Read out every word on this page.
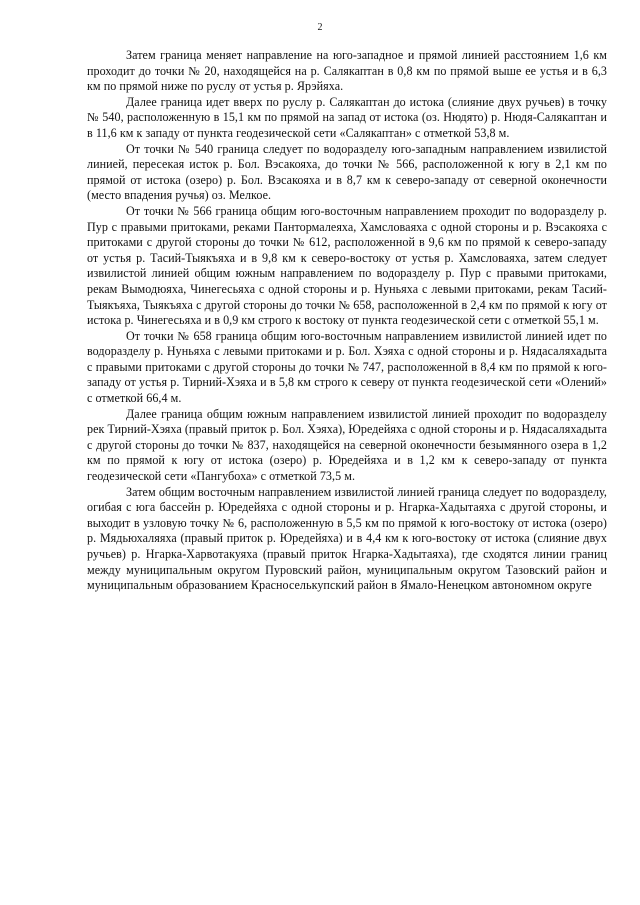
2

Затем граница меняет направление на юго-западное и прямой линией расстоянием 1,6 км проходит до точки № 20, находящейся на р. Салякаптан в 0,8 км по прямой выше ее устья и в 6,3 км по прямой ниже по руслу от устья р. Ярэйяха.

Далее граница идет вверх по руслу р. Салякаптан до истока (слияние двух ручьев) в точку № 540, расположенную в 15,1 км по прямой на запад от истока (оз. Нюдято) р. Нюдя-Салякаптан и в 11,6 км к западу от пункта геодезической сети «Салякаптан» с отметкой 53,8 м.

От точки № 540 граница следует по водоразделу юго-западным направлением извилистой линией, пересекая исток р. Бол. Вэсакояха, до точки № 566, расположенной к югу в 2,1 км по прямой от истока (озеро) р. Бол. Вэсакояха и в 8,7 км к северо-западу от северной оконечности (место впадения ручья) оз. Мелкое.

От точки № 566 граница общим юго-восточным направлением проходит по водоразделу р. Пур с правыми притоками, реками Пантормалеяха, Хамсловаяха с одной стороны и р. Вэсакояха с притоками с другой стороны до точки № 612, расположенной в 9,6 км по прямой к северо-западу от устья р. Тасий-Тыякъяха и в 9,8 км к северо-востоку от устья р. Хамсловаяха, затем следует извилистой линией общим южным направлением по водоразделу р. Пур с правыми притоками, рекам Вымодюяха, Чинегесьяха с одной стороны и р. Нуньяха с левыми притоками, рекам Тасий-Тыякъяха, Тыякъяха с другой стороны до точки № 658, расположенной в 2,4 км по прямой к югу от истока р. Чинегесьяха и в 0,9 км строго к востоку от пункта геодезической сети с отметкой 55,1 м.

От точки № 658 граница общим юго-восточным направлением извилистой линией идет по водоразделу р. Нуньяха с левыми притоками и р. Бол. Хэяха с одной стороны и р. Нядасаляхадыта с правыми притоками с другой стороны до точки № 747, расположенной в 8,4 км по прямой к юго-западу от устья р. Тирний-Хэяха и в 5,8 км строго к северу от пункта геодезической сети «Олений» с отметкой 66,4 м.

Далее граница общим южным направлением извилистой линией проходит по водоразделу рек Тирний-Хэяха (правый приток р. Бол. Хэяха), Юредейяха с одной стороны и р. Нядасаляхадыта с другой стороны до точки № 837, находящейся на северной оконечности безымянного озера в 1,2 км по прямой к югу от истока (озеро) р. Юредейяха и в 1,2 км к северо-западу от пункта геодезической сети «Пангубоха» с отметкой 73,5 м.

Затем общим восточным направлением извилистой линией граница следует по водоразделу, огибая с юга бассейн р. Юредейяха с одной стороны и р. Нгарка-Хадытаяха с другой стороны, и выходит в узловую точку № 6, расположенную в 5,5 км по прямой к юго-востоку от истока (озеро) р. Мядьюхаляяха (правый приток р. Юредейяха) и в 4,4 км к юго-востоку от истока (слияние двух ручьев) р. Нгарка-Харвотакуяха (правый приток Нгарка-Хадытаяха), где сходятся линии границ между муниципальным округом Пуровский район, муниципальным округом Тазовский район и муниципальным образованием Красноселькупский район в Ямало-Ненецком автономном округе
